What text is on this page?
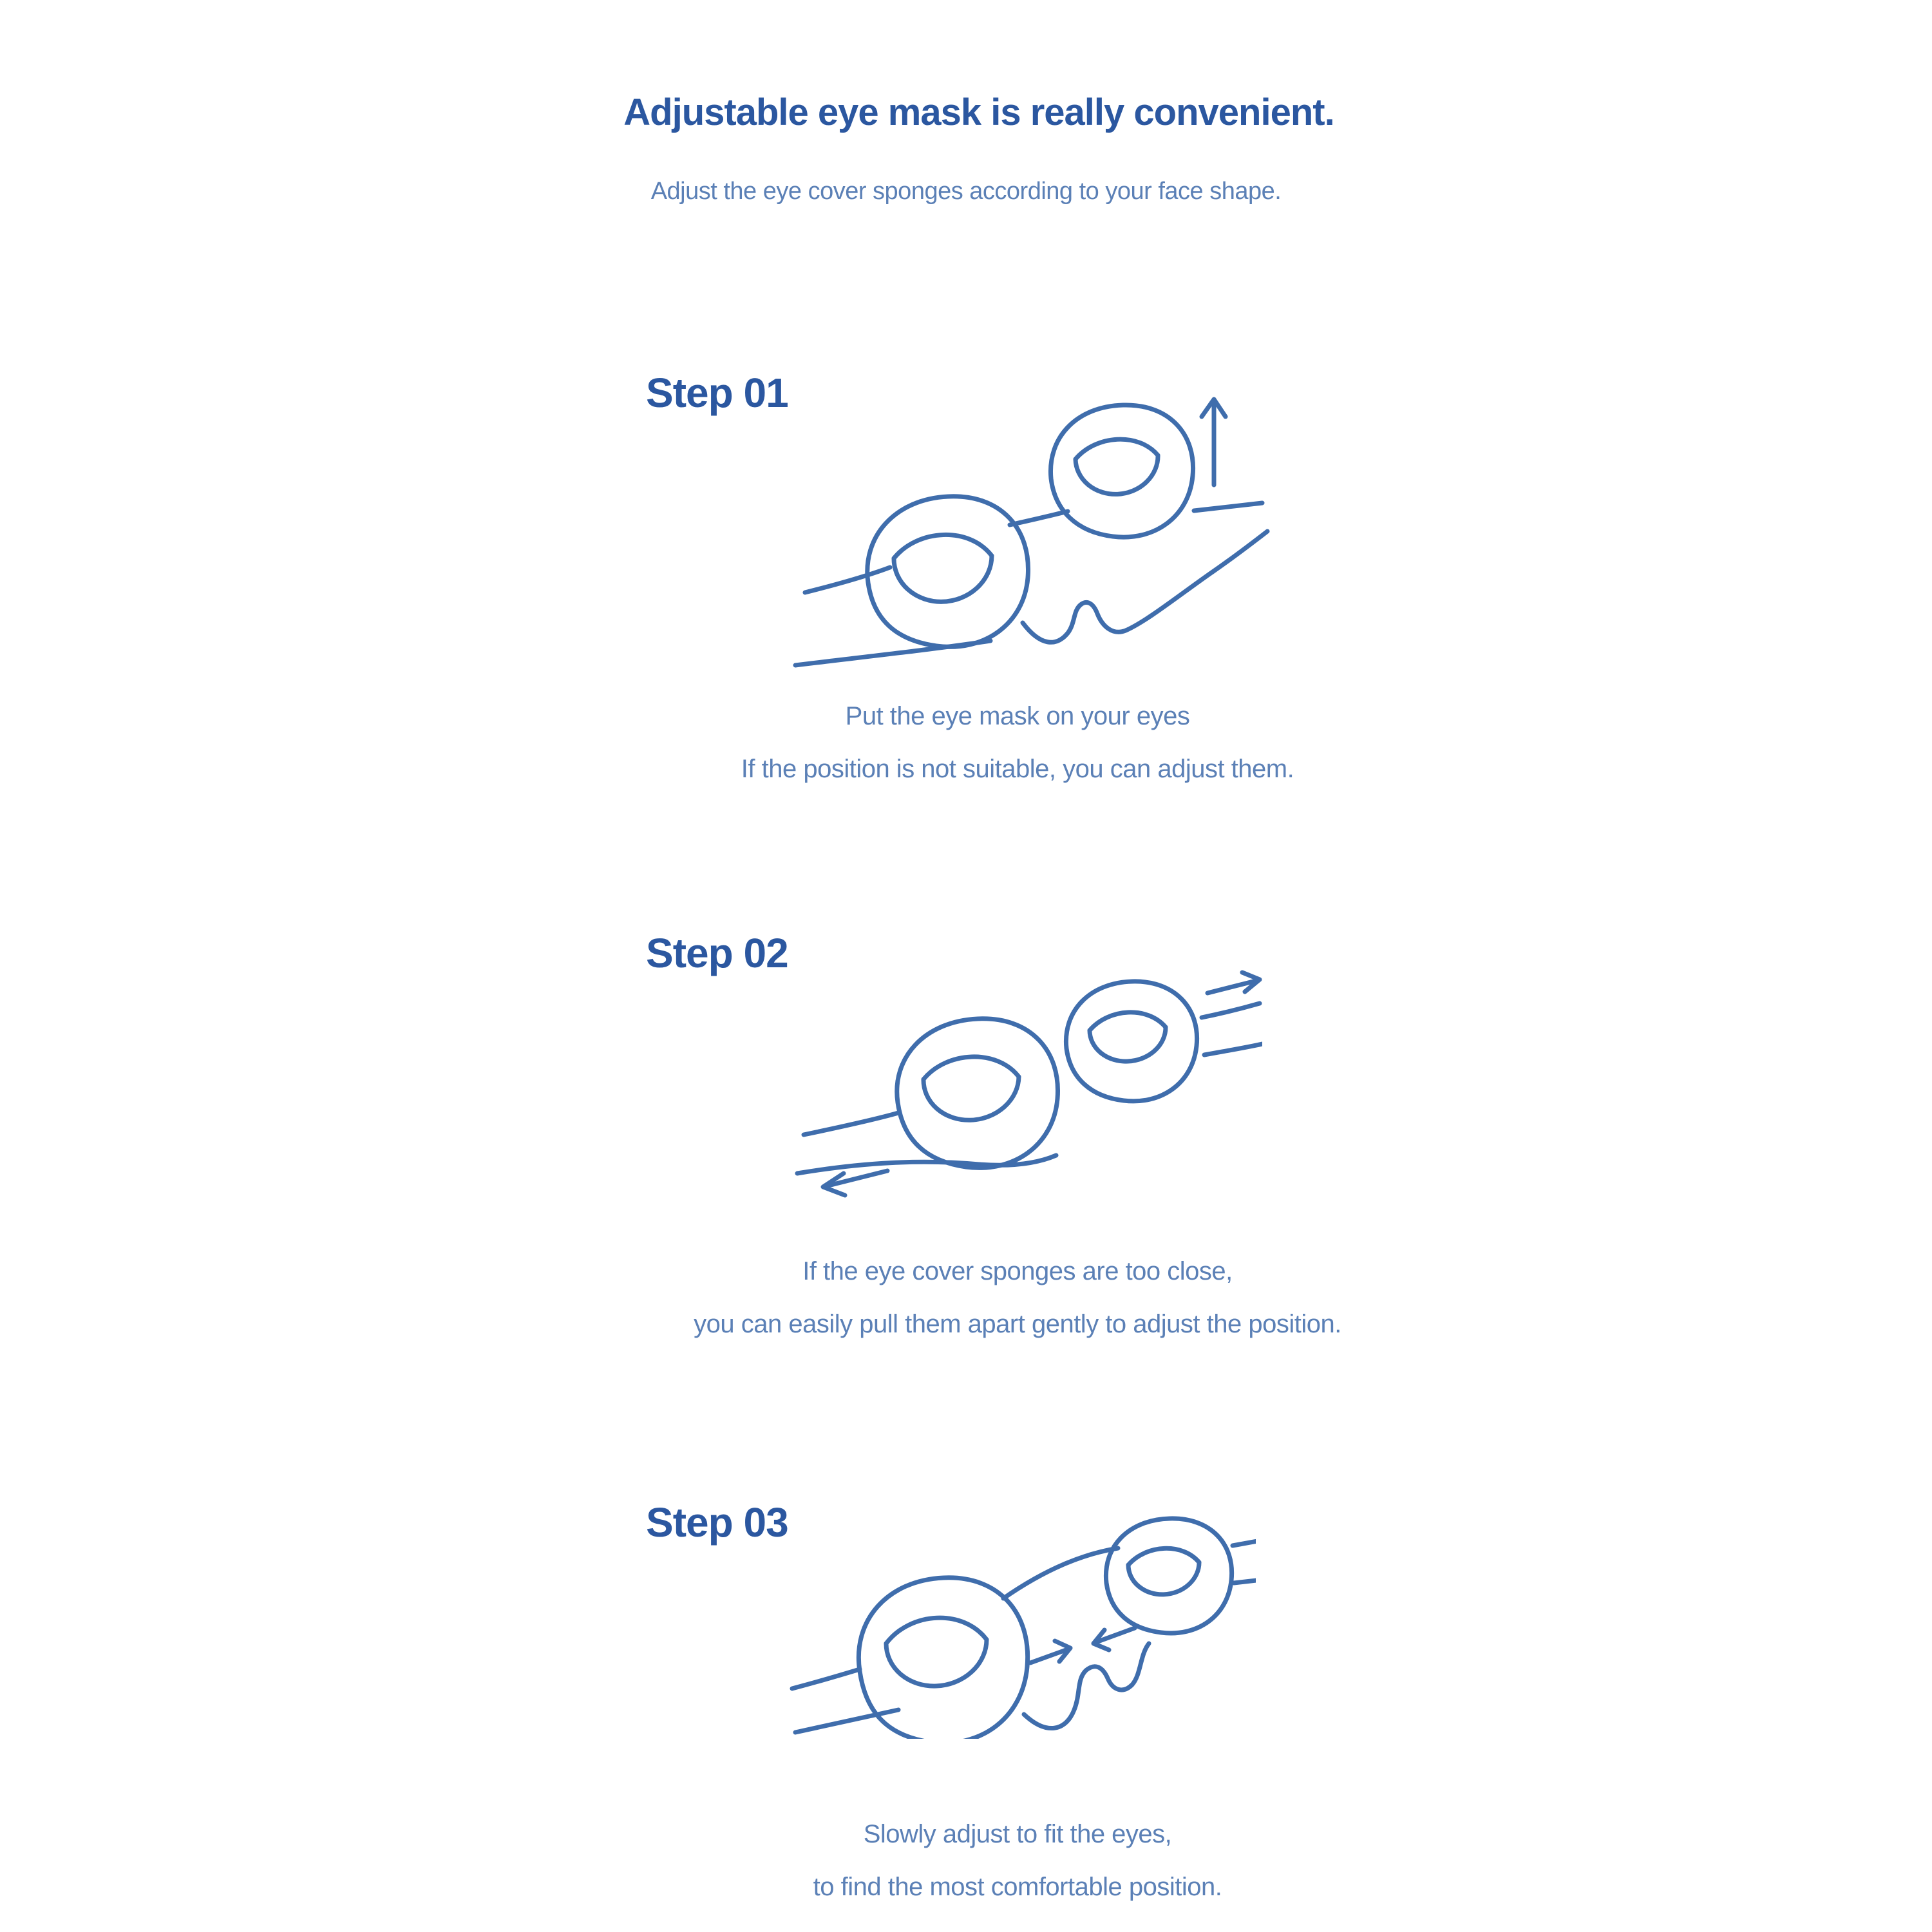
Adjustable eye mask is really convenient.

Adjust the eye cover sponges according to your face shape.

Step 01

Put the eye mask on your eyes

If the position is not suitable, you can adjust them.

Step 02

If the eye cover sponges are too close,

you can easily pull them apart gently to adjust the position.

Step 03

Slowly adjust to fit the eyes,

to find the most comfortable position.
